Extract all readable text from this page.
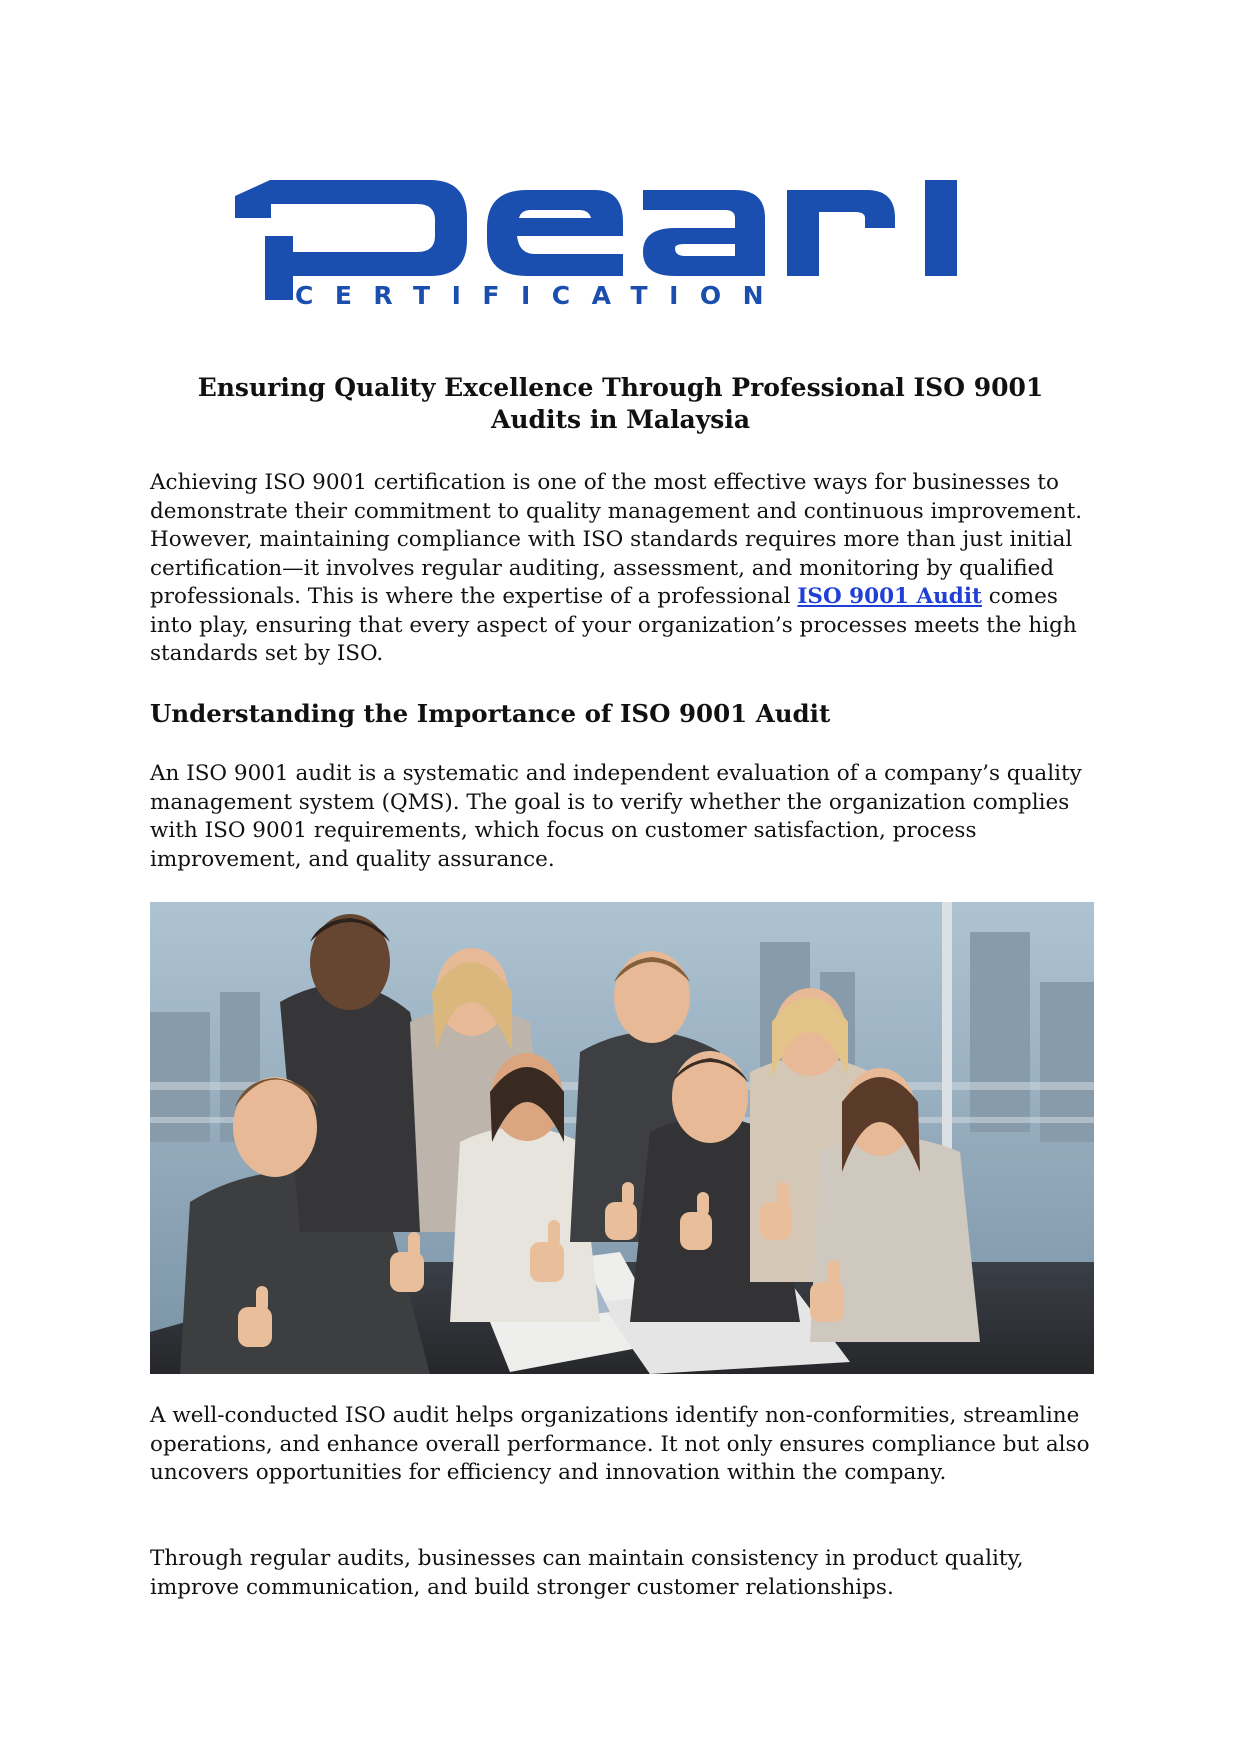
CERTIFICATION
Ensuring Quality Excellence Through Professional ISO 9001 Audits in Malaysia

Achieving ISO 9001 certification is one of the most effective ways for businesses to demonstrate their commitment to quality management and continuous improvement. However, maintaining compliance with ISO standards requires more than just initial certification—it involves regular auditing, assessment, and monitoring by qualified professionals. This is where the expertise of a professional ISO 9001 Audit comes into play, ensuring that every aspect of your organization’s processes meets the high standards set by ISO.

Understanding the Importance of ISO 9001 Audit

An ISO 9001 audit is a systematic and independent evaluation of a company’s quality management system (QMS). The goal is to verify whether the organization complies with ISO 9001 requirements, which focus on customer satisfaction, process improvement, and quality assurance.

A well-conducted ISO audit helps organizations identify non-conformities, streamline operations, and enhance overall performance. It not only ensures compliance but also uncovers opportunities for efficiency and innovation within the company.

Through regular audits, businesses can maintain consistency in product quality, improve communication, and build stronger customer relationships.
